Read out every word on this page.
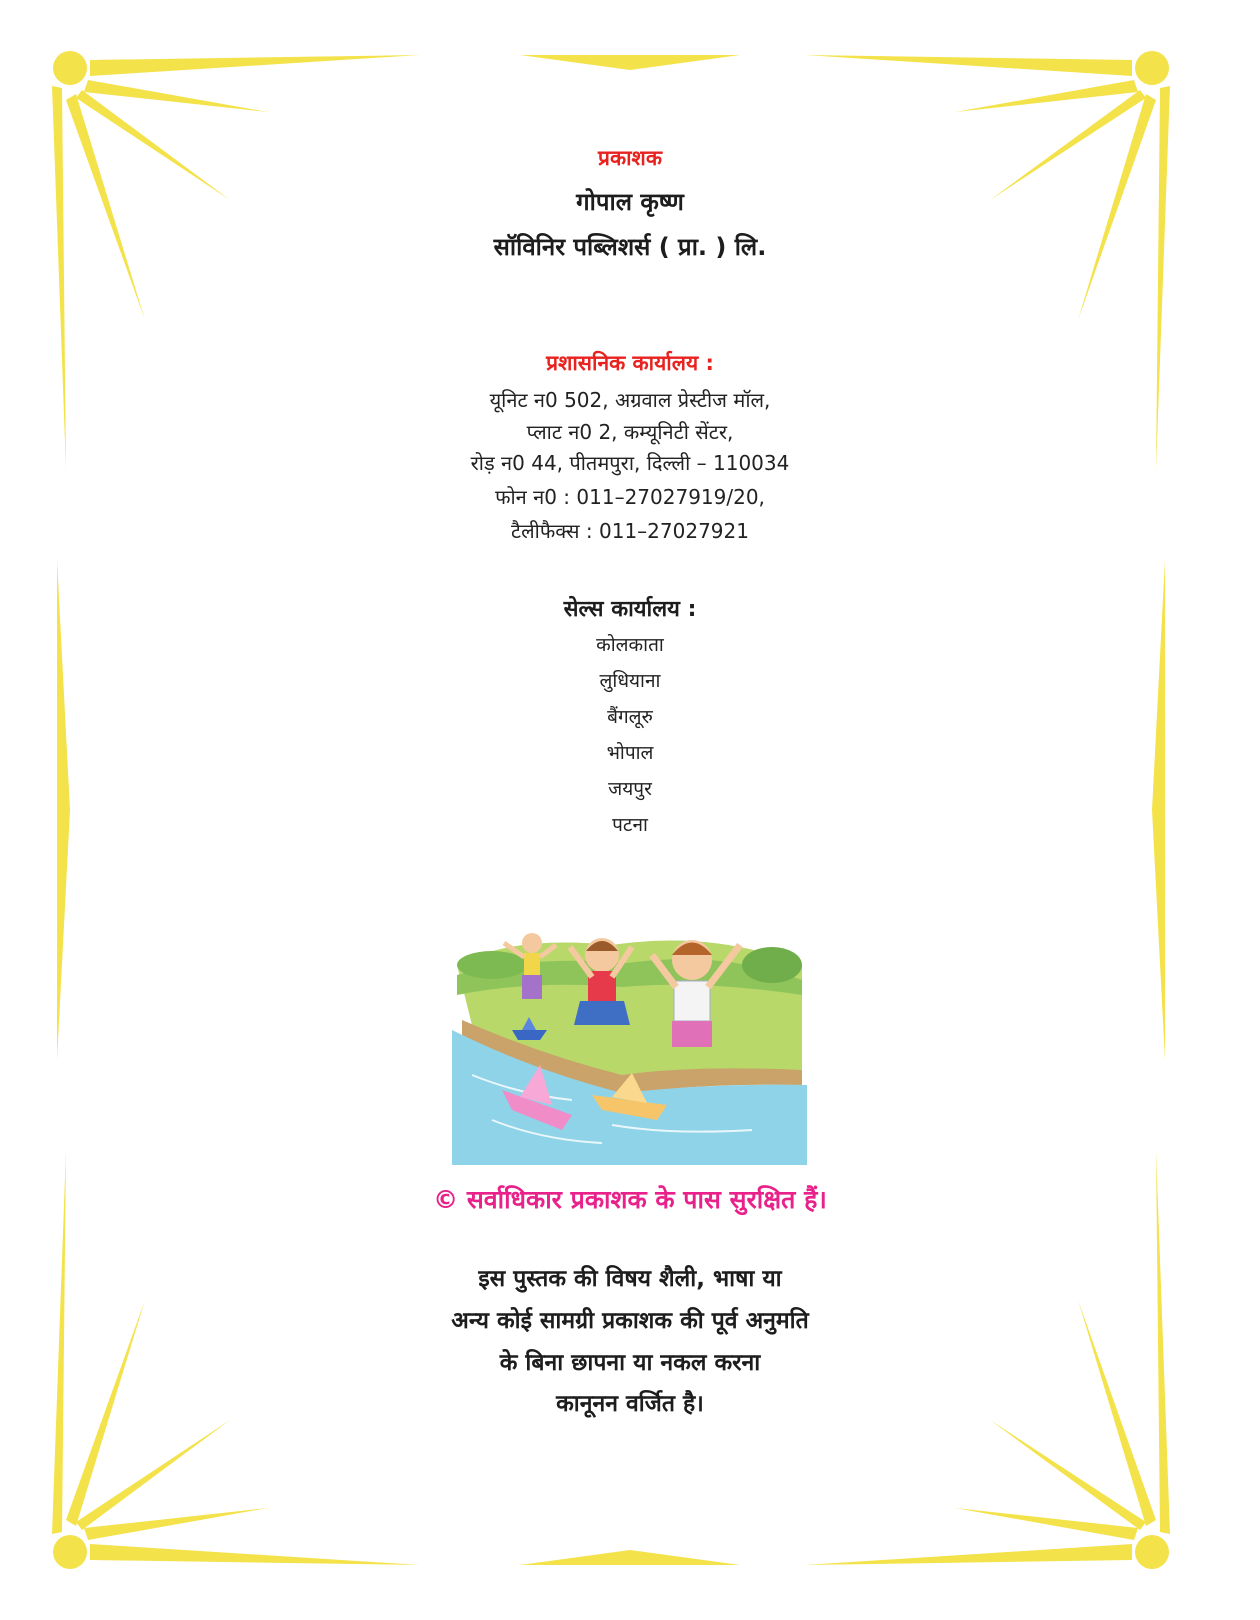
प्रकाशक
गोपाल कृष्ण
सॉविनिर पब्लिशर्स ( प्रा. ) लि.
प्रशासनिक कार्यालय :
यूनिट न0 502, अग्रवाल प्रेस्टीज मॉल,
प्लाट न0 2, कम्यूनिटी सेंटर,
रोड़ न0 44, पीतमपुरा, दिल्ली – 110034
फोन न0 : 011–27027919/20,
टैलीफैक्स : 011–27027921
सेल्स कार्यालय :
कोलकाता
लुधियाना
बैंगलूरु
भोपाल
जयपुर
पटना
© सर्वाधिकार प्रकाशक के पास सुरक्षित हैं।
इस पुस्तक की विषय शैली, भाषा या
अन्य कोई सामग्री प्रकाशक की पूर्व अनुमति
के बिना छापना या नकल करना
कानूनन वर्जित है।
